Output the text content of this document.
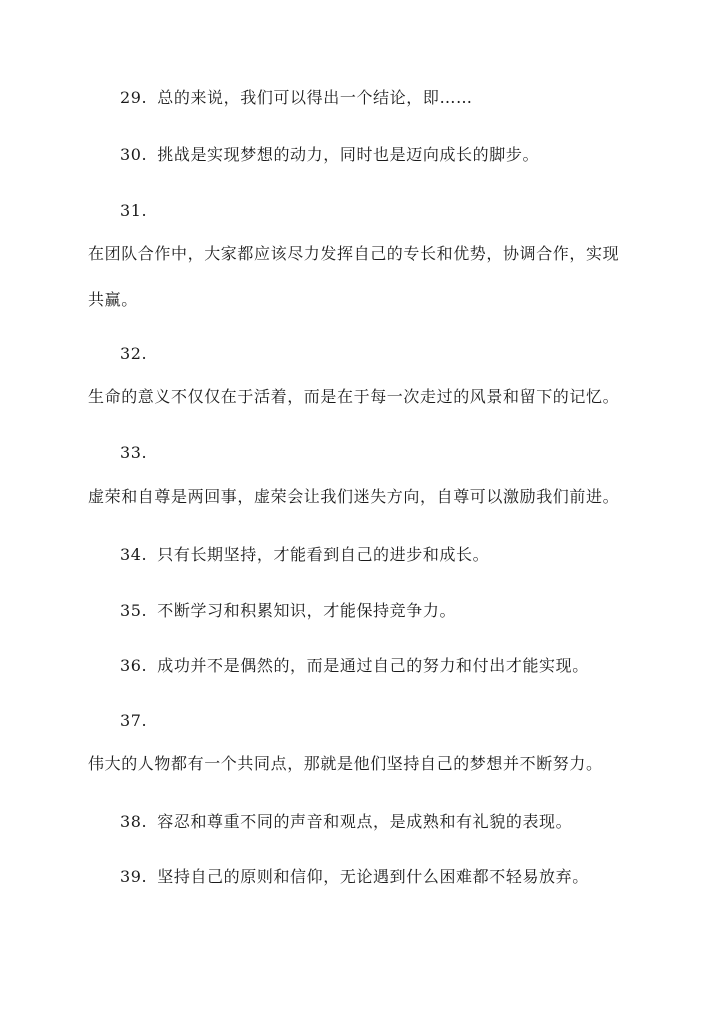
29. 总的来说，我们可以得出一个结论，即……
30. 挑战是实现梦想的动力，同时也是迈向成长的脚步。
31.
在团队合作中，大家都应该尽力发挥自己的专长和优势，协调合作，实现
共赢。
32.
生命的意义不仅仅在于活着，而是在于每一次走过的风景和留下的记忆。
33.
虚荣和自尊是两回事，虚荣会让我们迷失方向，自尊可以激励我们前进。
34. 只有长期坚持，才能看到自己的进步和成长。
35. 不断学习和积累知识，才能保持竞争力。
36. 成功并不是偶然的，而是通过自己的努力和付出才能实现。
37.
伟大的人物都有一个共同点，那就是他们坚持自己的梦想并不断努力。
38. 容忍和尊重不同的声音和观点，是成熟和有礼貌的表现。
39. 坚持自己的原则和信仰，无论遇到什么困难都不轻易放弃。
